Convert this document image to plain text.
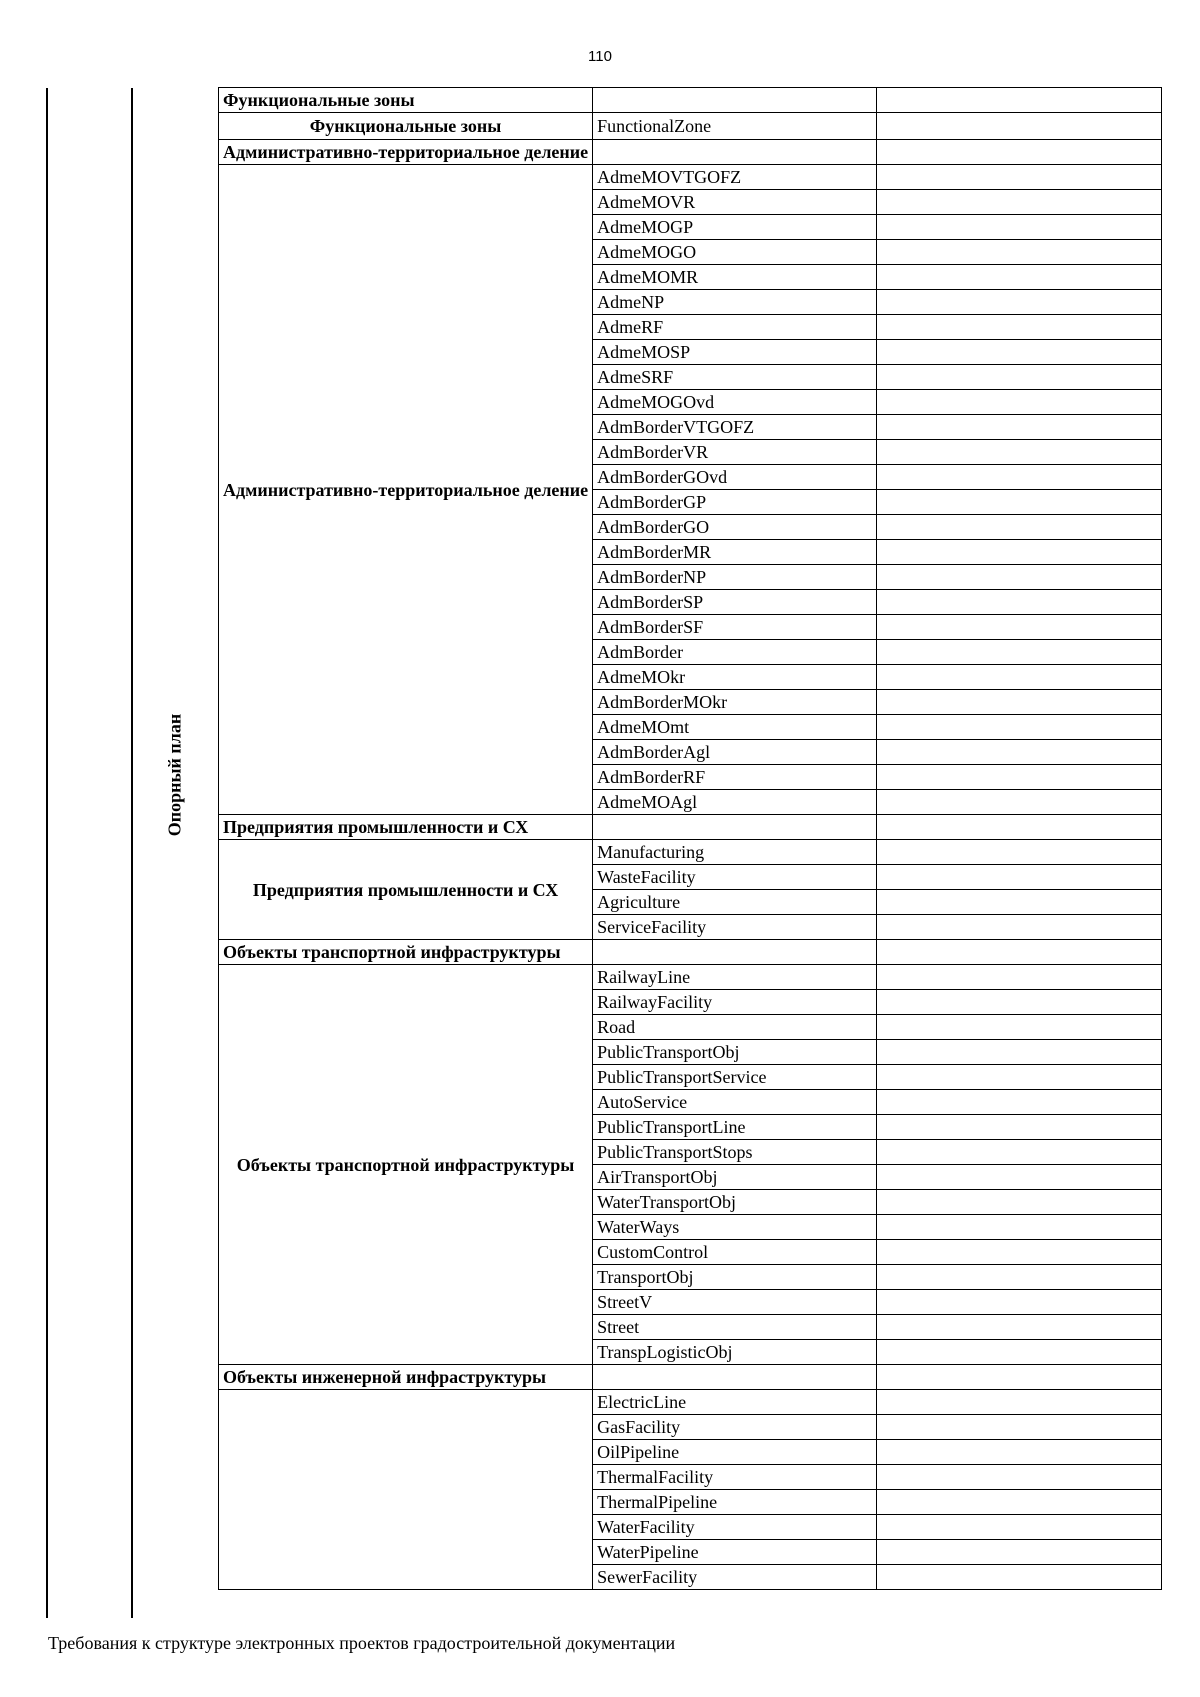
110
Опорный план
Функциональные зоны		
Функциональные зоны	FunctionalZone	
Административно-территориальное деление		
Административно-территориальное деление	AdmeMOVTGOFZ	
	AdmeMOVR	
	AdmeMOGP	
	AdmeMOGO	
	AdmeMOMR	
	AdmeNP	
	AdmeRF	
	AdmeMOSP	
	AdmeSRF	
	AdmeMOGOvd	
	AdmBorderVTGOFZ	
	AdmBorderVR	
	AdmBorderGOvd	
	AdmBorderGP	
	AdmBorderGO	
	AdmBorderMR	
	AdmBorderNP	
	AdmBorderSP	
	AdmBorderSF	
	AdmBorder	
	AdmeMOkr	
	AdmBorderMOkr	
	AdmeMOmt	
	AdmBorderAgl	
	AdmBorderRF	
	AdmeMOAgl	
Предприятия промышленности и СХ		
Предприятия промышленности и СХ	Manufacturing	
	WasteFacility	
	Agriculture	
	ServiceFacility	
Объекты транспортной инфраструктуры		
Объекты транспортной инфраструктуры	RailwayLine	
	RailwayFacility	
	Road	
	PublicTransportObj	
	PublicTransportService	
	AutoService	
	PublicTransportLine	
	PublicTransportStops	
	AirTransportObj	
	WaterTransportObj	
	WaterWays	
	CustomControl	
	TransportObj	
	StreetV	
	Street	
	TranspLogisticObj	
Объекты инженерной инфраструктуры		
	ElectricLine	
	GasFacility	
	OilPipeline	
	ThermalFacility	
	ThermalPipeline	
	WaterFacility	
	WaterPipeline	
	SewerFacility	
Требования к структуре электронных проектов градостроительной документации
